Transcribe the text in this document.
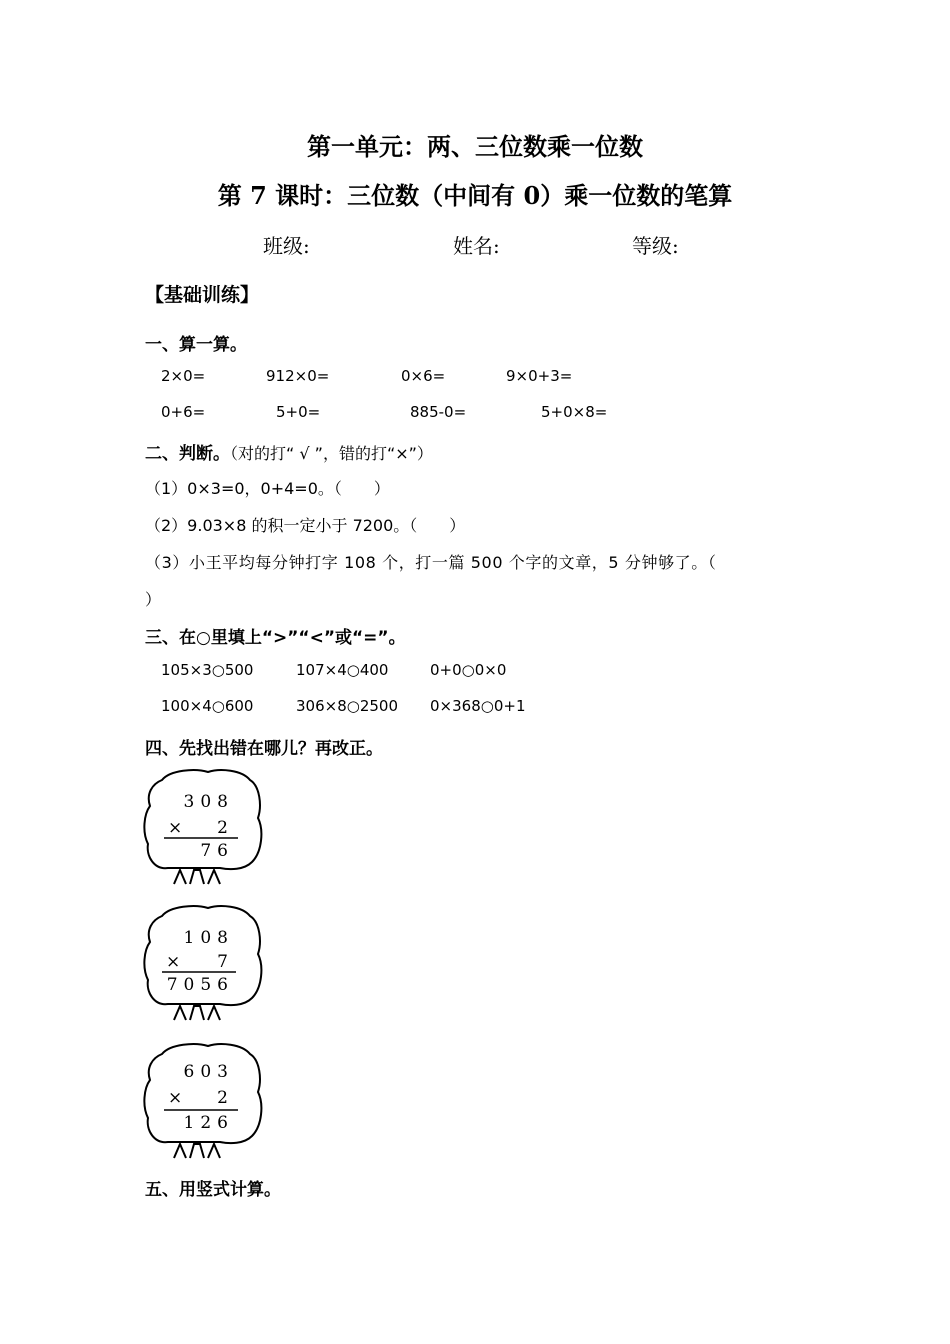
第一单元：两、三位数乘一位数
第 7 课时：三位数（中间有 0）乘一位数的笔算
班级:	姓名:	等级:
【基础训练】
一、算一算。
2×0=	912×0=	0×6=	9×0+3=
0+6=	5+0=	885-0=	5+0×8=
二、判断。（对的打“ √ ”，错的打“×”）
（1）0×3=0，0+4=0。（　　）
（2）9.03×8 的积一定小于 7200。（　　）
（3）小王平均每分钟打字 108 个，打一篇 500 个字的文章，5 分钟够了。（
）
三、在○里填上“>”“<”或“=”。
105×3○500	107×4○400	0+0○0×0
100×4○600	306×8○2500 0×368○0+1
四、先找出错在哪儿？再改正。
308
× 2
76
108
× 7
7056
603
× 2
126
五、用竖式计算。
